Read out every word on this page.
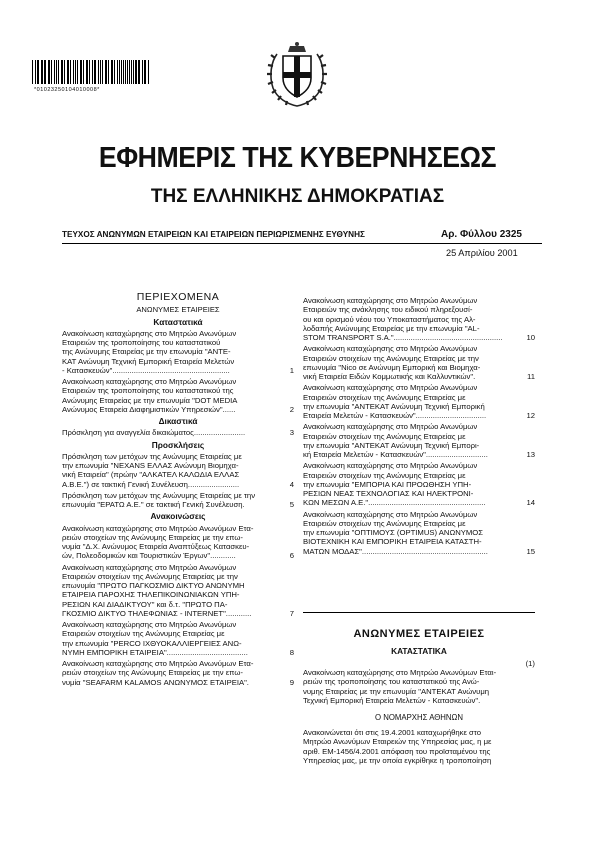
*01023250104010008*
ΕΦΗΜΕΡΙΣ ΤΗΣ ΚΥΒΕΡΝΗΣΕΩΣ
ΤΗΣ ΕΛΛΗΝΙΚΗΣ ΔΗΜΟΚΡΑΤΙΑΣ
ΤΕΥΧΟΣ ΑΝΩΝΥΜΩΝ ΕΤΑΙΡΕΙΩΝ ΚΑΙ ΕΤΑΙΡΕΙΩΝ ΠΕΡΙΩΡΙΣΜΕΝΗΣ ΕΥΘΥΝΗΣ	Αρ. Φύλλου 2325
25 Απριλίου 2001
ΠΕΡΙΕΧΟΜΕΝΑ
ΑΝΩΝΥΜΕΣ ΕΤΑΙΡΕΙΕΣ
Καταστατικά
Ανακοίνωση καταχώρησης στο Μητρώο Ανωνύμων
Εταιρειών της τροποποίησης του καταστατικού
της Ανώνυμης Εταιρείας με την επωνυμία "ΑΝΤΕ-
ΚΑΤ Ανώνυμη Τεχνική Εμπορική Εταιρεία Μελετών
- Κατασκευών".......................................................	1
Ανακοίνωση καταχώρησης στο Μητρώο Ανωνύμων
Εταιρειών της τροποποίησης του καταστατικού της
Ανώνυμης Εταιρείας με την επωνυμία "DOT MEDIA
Ανώνυμος Εταιρεία Διαφημιστικών Υπηρεσιών"......	2
Δικαστικά
Πρόσκληση για αναγγελία δικαιώματος........................	3
Προσκλήσεις
Πρόσκληση των μετόχων της Ανώνυμης Εταιρείας με
την επωνυμία "NEXANS ΕΛΛΑΣ Ανώνυμη Βιομηχα-
νική Εταιρεία" (πρώην "ΑΛΚΑΤΕΛ ΚΑΛΩΔΙΑ ΕΛΛΑΣ
Α.Β.Ε.") σε τακτική Γενική Συνέλευση........................	4
Πρόσκληση των μετόχων της Ανώνυμης Εταιρείας με την
επωνυμία "ΕΡΑΤΩ Α.Ε." σε τακτική Γενική Συνέλευση.	5
Ανακοινώσεις
Ανακοίνωση καταχώρησης στο Μητρώο Ανωνύμων Ετα-
ρειών στοιχείων της Ανώνυμης Εταιρείας με την επω-
νυμία "Δ.Χ. Ανώνυμος Εταιρεία Αναπτύξεως Κατασκευ-
ών, Πολεοδομικών και Τουριστικών Έργων"............	6
Ανακοίνωση καταχώρησης στο Μητρώο Ανωνύμων
Εταιρειών στοιχείων της Ανώνυμης Εταιρείας με την
επωνυμία "ΠΡΩΤΟ ΠΑΓΚΟΣΜΙΟ ΔΙΚΤΥΟ ΑΝΩΝΥΜΗ
ΕΤΑΙΡΕΙΑ ΠΑΡΟΧΗΣ ΤΗΛΕΠΙΚΟΙΝΩΝΙΑΚΩΝ ΥΠΗ-
ΡΕΣΙΩΝ ΚΑΙ ΔΙΑΔΙΚΤΥΟΥ" και δ.τ. "ΠΡΩΤΟ ΠΑ-
ΓΚΟΣΜΙΟ ΔΙΚΤΥΟ ΤΗΛΕΦΩΝΙΑΣ - INTERNET"............	7
Ανακοίνωση καταχώρησης στο Μητρώο Ανωνύμων
Εταιρειών στοιχείων της Ανώνυμης Εταιρείας με
την επωνυμία "PERCO ΙΧΘΥΟΚΑΛΛΙΕΡΓΕΙΕΣ ΑΝΩ-
ΝΥΜΗ ΕΜΠΟΡΙΚΗ ΕΤΑΙΡΕΙΑ"......................................	8
Ανακοίνωση καταχώρησης στο Μητρώο Ανωνύμων Ετα-
ρειών στοιχείων της Ανώνυμης Εταιρείας με την επω-
νυμία "SEAFARM KALAMOS ΑΝΩΝΥΜΟΣ ΕΤΑΙΡΕΙΑ".	9
Ανακοίνωση καταχώρησης στο Μητρώο Ανωνύμων
Εταιρειών της ανάκλησης του ειδικού πληρεξουσί-
ου και ορισμού νέου του Υποκαταστήματος της Αλ-
λοδαπής Ανώνυμης Εταιρείας με την επωνυμία "AL-
STOM TRANSPORT S.A."...................................................	10
Ανακοίνωση καταχώρησης στο Μητρώο Ανωνύμων
Εταιρειών στοιχείων της Ανώνυμης Εταιρείας με την
επωνυμία "Nico σε Ανώνυμη Εμπορική και Βιομηχα-
νική Εταιρεία Ειδών Κομμωτικής και Καλλυντικών".	11
Ανακοίνωση καταχώρησης στο Μητρώο Ανωνύμων
Εταιρειών στοιχείων της Ανώνυμης Εταιρείας με
την επωνυμία "ΑΝΤΕΚΑΤ Ανώνυμη Τεχνική Εμπορική
Εταιρεία Μελετών - Κατασκευών".................................	12
Ανακοίνωση καταχώρησης στο Μητρώο Ανωνύμων
Εταιρειών στοιχείων της Ανώνυμης Εταιρείας με
την επωνυμία "ΑΝΤΕΚΑΤ Ανώνυμη Τεχνική Εμπορι-
κή Εταιρεία Μελετών - Κατασκευών".............................	13
Ανακοίνωση καταχώρησης στο Μητρώο Ανωνύμων
Εταιρειών στοιχείων της Ανώνυμης Εταιρείας με
την επωνυμία "ΕΜΠΟΡΙΑ ΚΑΙ ΠΡΟΩΘΗΣΗ ΥΠΗ-
ΡΕΣΙΩΝ ΝΕΑΣ ΤΕΧΝΟΛΟΓΙΑΣ ΚΑΙ ΗΛΕΚΤΡΟΝΙ-
ΚΩΝ ΜΕΣΩΝ Α.Ε.".......................................................	14
Ανακοίνωση καταχώρησης στο Μητρώο Ανωνύμων
Εταιρειών στοιχείων της Ανώνυμης Εταιρείας με
την επωνυμία "ΟΠΤΙΜΟΥΣ (OPTIMUS) ΑΝΩΝΥΜΟΣ
ΒΙΟΤΕΧΝΙΚΗ ΚΑΙ ΕΜΠΟΡΙΚΗ ΕΤΑΙΡΕΙΑ ΚΑΤΑΣΤΗ-
ΜΑΤΩΝ ΜΟΔΑΣ"...........................................................	15
ΑΝΩΝΥΜΕΣ ΕΤΑΙΡΕΙΕΣ
ΚΑΤΑΣΤΑΤΙΚΑ
(1)
Ανακοίνωση καταχώρησης στο Μητρώο Ανωνύμων Εται-
ρειών της τροποποίησης του καταστατικού της Ανώ-
νυμης Εταιρείας με την επωνυμία "ΑΝΤΕΚΑΤ Ανώνυμη
Τεχνική Εμπορική Εταιρεία Μελετών - Κατασκευών".
Ο ΝΟΜΑΡΧΗΣ ΑΘΗΝΩΝ
Ανακοινώνεται ότι στις 19.4.2001 καταχωρήθηκε στο
Μητρώο Ανωνύμων Εταιρειών της Υπηρεσίας μας, η με
αριθ. ΕΜ-1456/4.2001 απόφαση του προϊσταμένου της
Υπηρεσίας μας, με την οποία εγκρίθηκε η τροποποίηση
